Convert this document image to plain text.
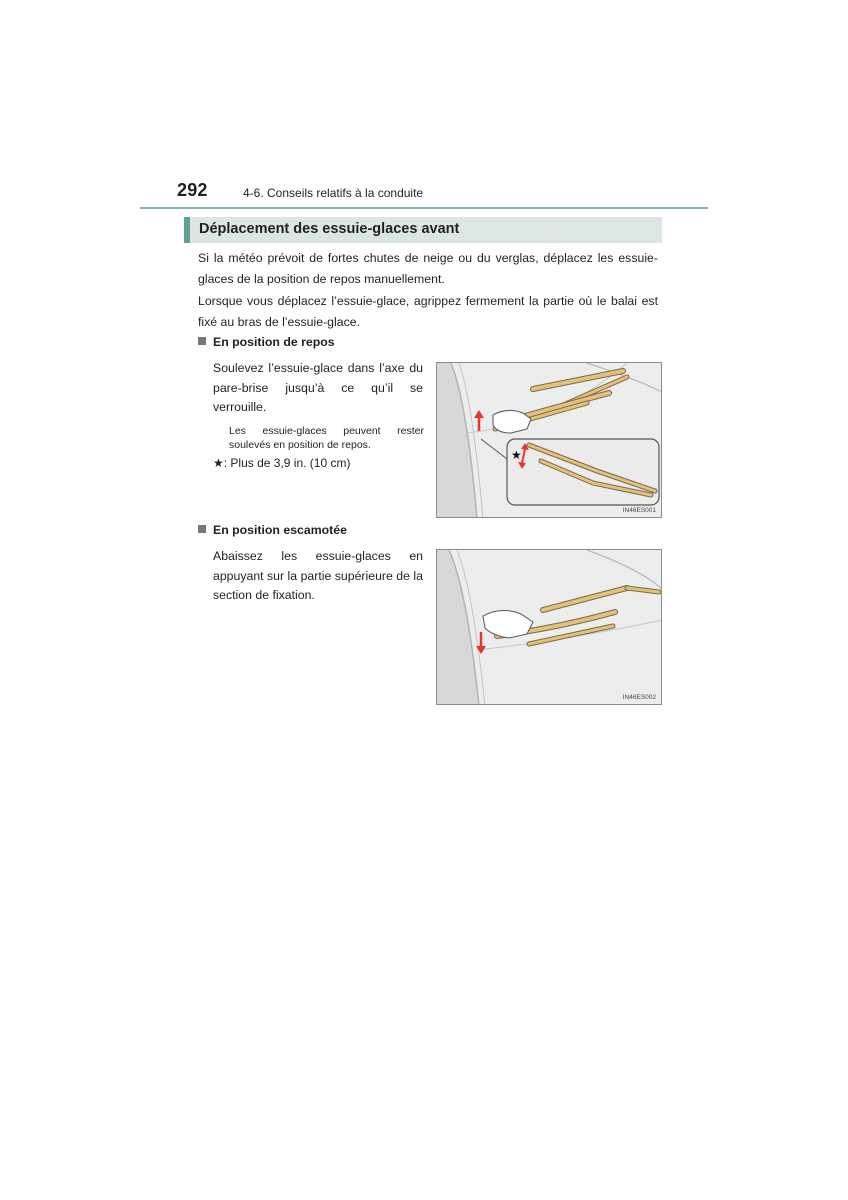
292	4-6. Conseils relatifs à la conduite
Déplacement des essuie-glaces avant
Si la météo prévoit de fortes chutes de neige ou du verglas, déplacez les essuie-glaces de la position de repos manuellement.
Lorsque vous déplacez l’essuie-glace, agrippez fermement la partie où le balai est fixé au bras de l’essuie-glace.
En position de repos
Soulevez l’essuie-glace dans l’axe du pare-brise jusqu’à ce qu’il se verrouille.
Les essuie-glaces peuvent rester soulevés en position de repos.
★: Plus de 3,9 in. (10 cm)
★
IN46ES001
En position escamotée
Abaissez les essuie-glaces en appuyant sur la partie supérieure de la section de fixation.
IN46ES002
